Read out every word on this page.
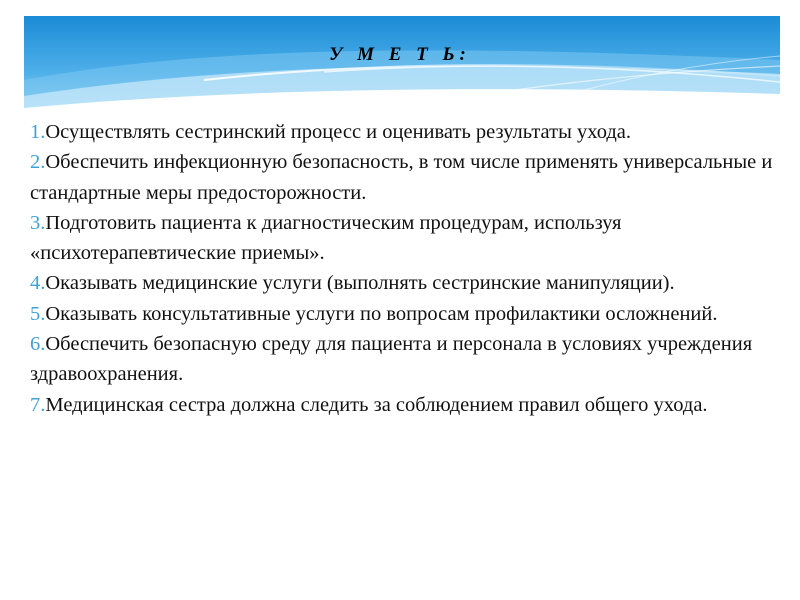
У М Е Т Ь:
1.Осуществлять сестринский процесс и оценивать результаты ухода.
2.Обеспечить инфекционную безопасность, в том числе применять универсальные и стандартные меры предосторожности.
3.Подготовить пациента к диагностическим процедурам, используя «психотерапевтические приемы».
4.Оказывать медицинские услуги (выполнять сестринские манипуляции).
5.Оказывать консультативные услуги по вопросам профилактики осложнений.
6.Обеспечить безопасную среду для пациента и персонала в условиях учреждения здравоохранения.
7.Медицинская сестра должна следить за соблюдением правил общего ухода.
